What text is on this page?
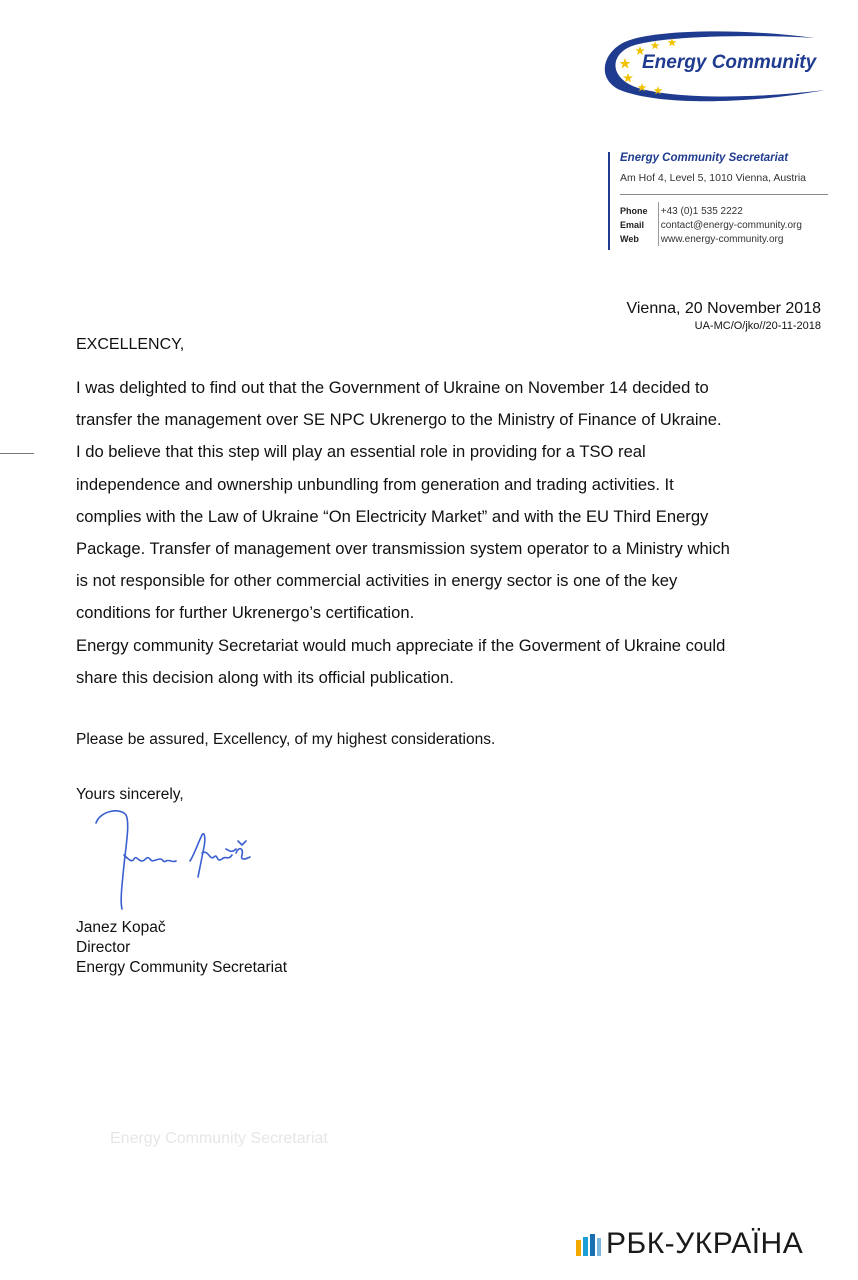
Energy Community
Energy Community Secretariat
Am Hof 4, Level 5, 1010 Vienna, Austria
Phone +43 (0)1 535 2222
Email contact@energy-community.org
Web www.energy-community.org
Vienna, 20 November 2018
UA-MC/O/jko//20-11-2018
EXCELLENCY,
I was delighted to find out that the Government of Ukraine on November 14 decided to
transfer the management over SE NPC Ukrenergo to the Ministry of Finance of Ukraine.
I do believe that this step will play an essential role in providing for a TSO real
independence and ownership unbundling from generation and trading activities. It
complies with the Law of Ukraine “On Electricity Market” and with the EU Third Energy
Package. Transfer of management over transmission system operator to a Ministry which
is not responsible for other commercial activities in energy sector is one of the key
conditions for further Ukrenergo’s certification.
Energy community Secretariat would much appreciate if the Goverment of Ukraine could
share this decision along with its official publication.
Please be assured, Excellency, of my highest considerations.
Yours sincerely,
Janez Kopač
Director
Energy Community Secretariat
Energy Community Secretariat
РБК-УКРАЇНА
